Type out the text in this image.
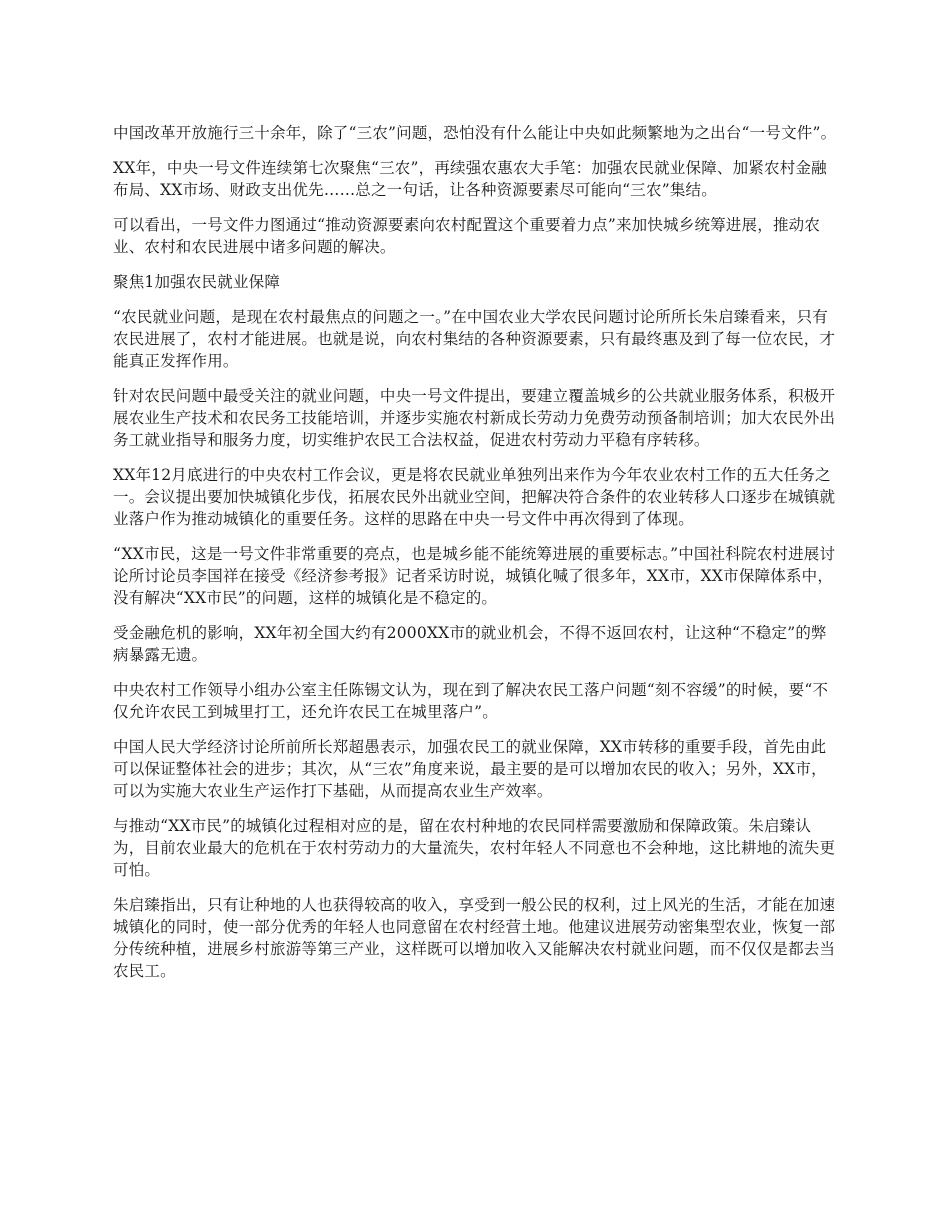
中国改革开放施行三十余年，除了“三农”问题，恐怕没有什么能让中央如此频繁地为之出台“一号文件”。

XX年，中央一号文件连续第七次聚焦“三农”，再续强农惠农大手笔：加强农民就业保障、加紧农村金融布局、XX市场、财政支出优先……总之一句话，让各种资源要素尽可能向“三农”集结。

可以看出，一号文件力图通过“推动资源要素向农村配置这个重要着力点”来加快城乡统筹进展，推动农业、农村和农民进展中诸多问题的解决。

聚焦1加强农民就业保障

“农民就业问题，是现在农村最焦点的问题之一。”在中国农业大学农民问题讨论所所长朱启臻看来，只有农民进展了，农村才能进展。也就是说，向农村集结的各种资源要素，只有最终惠及到了每一位农民，才能真正发挥作用。

针对农民问题中最受关注的就业问题，中央一号文件提出，要建立覆盖城乡的公共就业服务体系，积极开展农业生产技术和农民务工技能培训，并逐步实施农村新成长劳动力免费劳动预备制培训；加大农民外出务工就业指导和服务力度，切实维护农民工合法权益，促进农村劳动力平稳有序转移。

XX年12月底进行的中央农村工作会议，更是将农民就业单独列出来作为今年农业农村工作的五大任务之一。会议提出要加快城镇化步伐，拓展农民外出就业空间，把解决符合条件的农业转移人口逐步在城镇就业落户作为推动城镇化的重要任务。这样的思路在中央一号文件中再次得到了体现。

“XX市民，这是一号文件非常重要的亮点，也是城乡能不能统筹进展的重要标志。”中国社科院农村进展讨论所讨论员李国祥在接受《经济参考报》记者采访时说，城镇化喊了很多年，XX市，XX市保障体系中，没有解决“XX市民”的问题，这样的城镇化是不稳定的。

受金融危机的影响，XX年初全国大约有2000XX市的就业机会，不得不返回农村，让这种“不稳定”的弊病暴露无遗。

中央农村工作领导小组办公室主任陈锡文认为，现在到了解决农民工落户问题“刻不容缓”的时候，要“不仅允许农民工到城里打工，还允许农民工在城里落户”。

中国人民大学经济讨论所前所长郑超愚表示，加强农民工的就业保障，XX市转移的重要手段，首先由此可以保证整体社会的进步；其次，从“三农”角度来说，最主要的是可以增加农民的收入；另外，XX市，可以为实施大农业生产运作打下基础，从而提高农业生产效率。

与推动“XX市民”的城镇化过程相对应的是，留在农村种地的农民同样需要激励和保障政策。朱启臻认为，目前农业最大的危机在于农村劳动力的大量流失，农村年轻人不同意也不会种地，这比耕地的流失更可怕。

朱启臻指出，只有让种地的人也获得较高的收入，享受到一般公民的权利，过上风光的生活，才能在加速城镇化的同时，使一部分优秀的年轻人也同意留在农村经营土地。他建议进展劳动密集型农业，恢复一部分传统种植，进展乡村旅游等第三产业，这样既可以增加收入又能解决农村就业问题，而不仅仅是都去当农民工。
